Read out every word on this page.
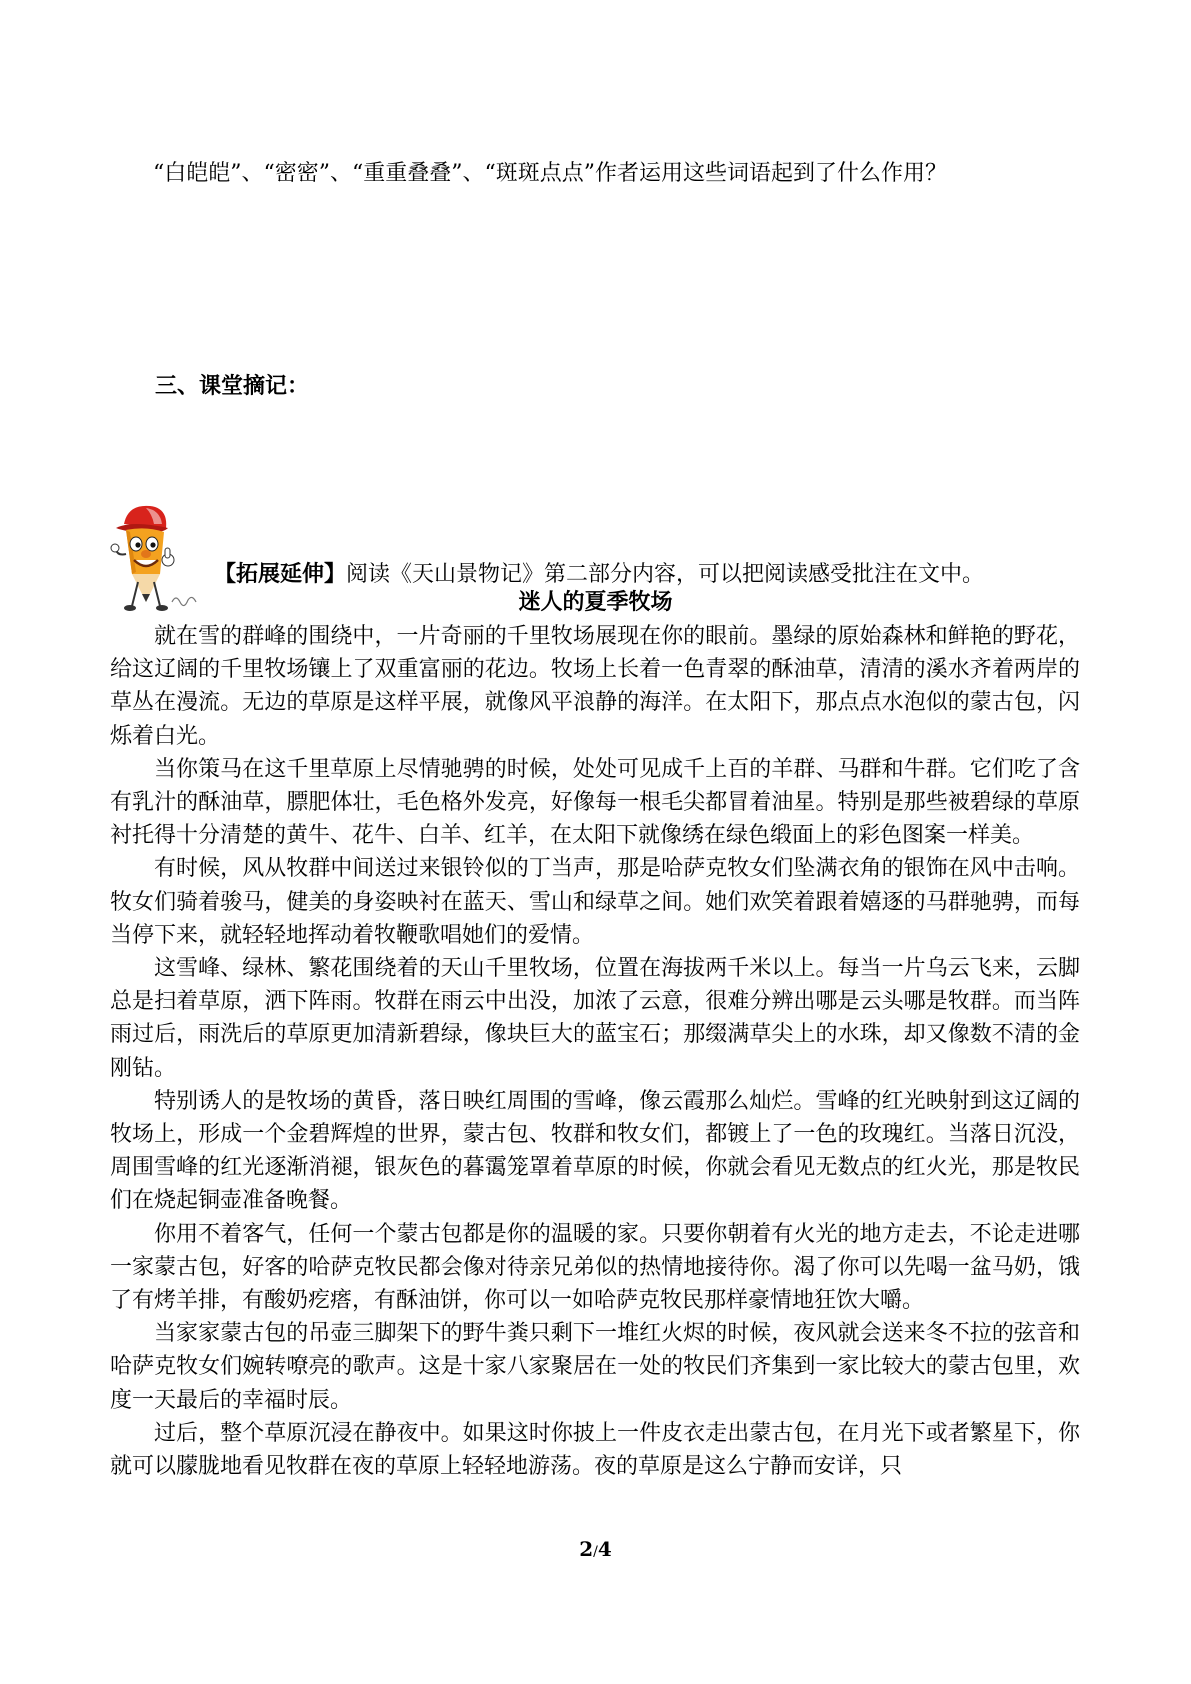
“白皑皑”、“密密”、“重重叠叠”、“斑斑点点”作者运用这些词语起到了什么作用？
三、课堂摘记：
【拓展延伸】阅读《天山景物记》第二部分内容，可以把阅读感受批注在文中。
迷人的夏季牧场

就在雪的群峰的围绕中，一片奇丽的千里牧场展现在你的眼前。墨绿的原始森林和鲜艳的野花，给这辽阔的千里牧场镶上了双重富丽的花边。牧场上长着一色青翠的酥油草，清清的溪水齐着两岸的草丛在漫流。无边的草原是这样平展，就像风平浪静的海洋。在太阳下，那点点水泡似的蒙古包，闪烁着白光。

当你策马在这千里草原上尽情驰骋的时候，处处可见成千上百的羊群、马群和牛群。它们吃了含有乳汁的酥油草，膘肥体壮，毛色格外发亮，好像每一根毛尖都冒着油星。特别是那些被碧绿的草原衬托得十分清楚的黄牛、花牛、白羊、红羊，在太阳下就像绣在绿色缎面上的彩色图案一样美。

有时候，风从牧群中间送过来银铃似的丁当声，那是哈萨克牧女们坠满衣角的银饰在风中击响。牧女们骑着骏马，健美的身姿映衬在蓝天、雪山和绿草之间。她们欢笑着跟着嬉逐的马群驰骋，而每当停下来，就轻轻地挥动着牧鞭歌唱她们的爱情。

这雪峰、绿林、繁花围绕着的天山千里牧场，位置在海拔两千米以上。每当一片乌云飞来，云脚总是扫着草原，洒下阵雨。牧群在雨云中出没，加浓了云意，很难分辨出哪是云头哪是牧群。而当阵雨过后，雨洗后的草原更加清新碧绿，像块巨大的蓝宝石；那缀满草尖上的水珠，却又像数不清的金刚钻。

特别诱人的是牧场的黄昏，落日映红周围的雪峰，像云霞那么灿烂。雪峰的红光映射到这辽阔的牧场上，形成一个金碧辉煌的世界，蒙古包、牧群和牧女们，都镀上了一色的玫瑰红。当落日沉没，周围雪峰的红光逐渐消褪，银灰色的暮霭笼罩着草原的时候，你就会看见无数点的红火光，那是牧民们在烧起铜壶准备晚餐。

你用不着客气，任何一个蒙古包都是你的温暖的家。只要你朝着有火光的地方走去，不论走进哪一家蒙古包，好客的哈萨克牧民都会像对待亲兄弟似的热情地接待你。渴了你可以先喝一盆马奶，饿了有烤羊排，有酸奶疙瘩，有酥油饼，你可以一如哈萨克牧民那样豪情地狂饮大嚼。

当家家蒙古包的吊壶三脚架下的野牛粪只剩下一堆红火烬的时候，夜风就会送来冬不拉的弦音和哈萨克牧女们婉转嘹亮的歌声。这是十家八家聚居在一处的牧民们齐集到一家比较大的蒙古包里，欢度一天最后的幸福时辰。

过后，整个草原沉浸在静夜中。如果这时你披上一件皮衣走出蒙古包，在月光下或者繁星下，你就可以朦胧地看见牧群在夜的草原上轻轻地游荡。夜的草原是这么宁静而安详，只

2/4
